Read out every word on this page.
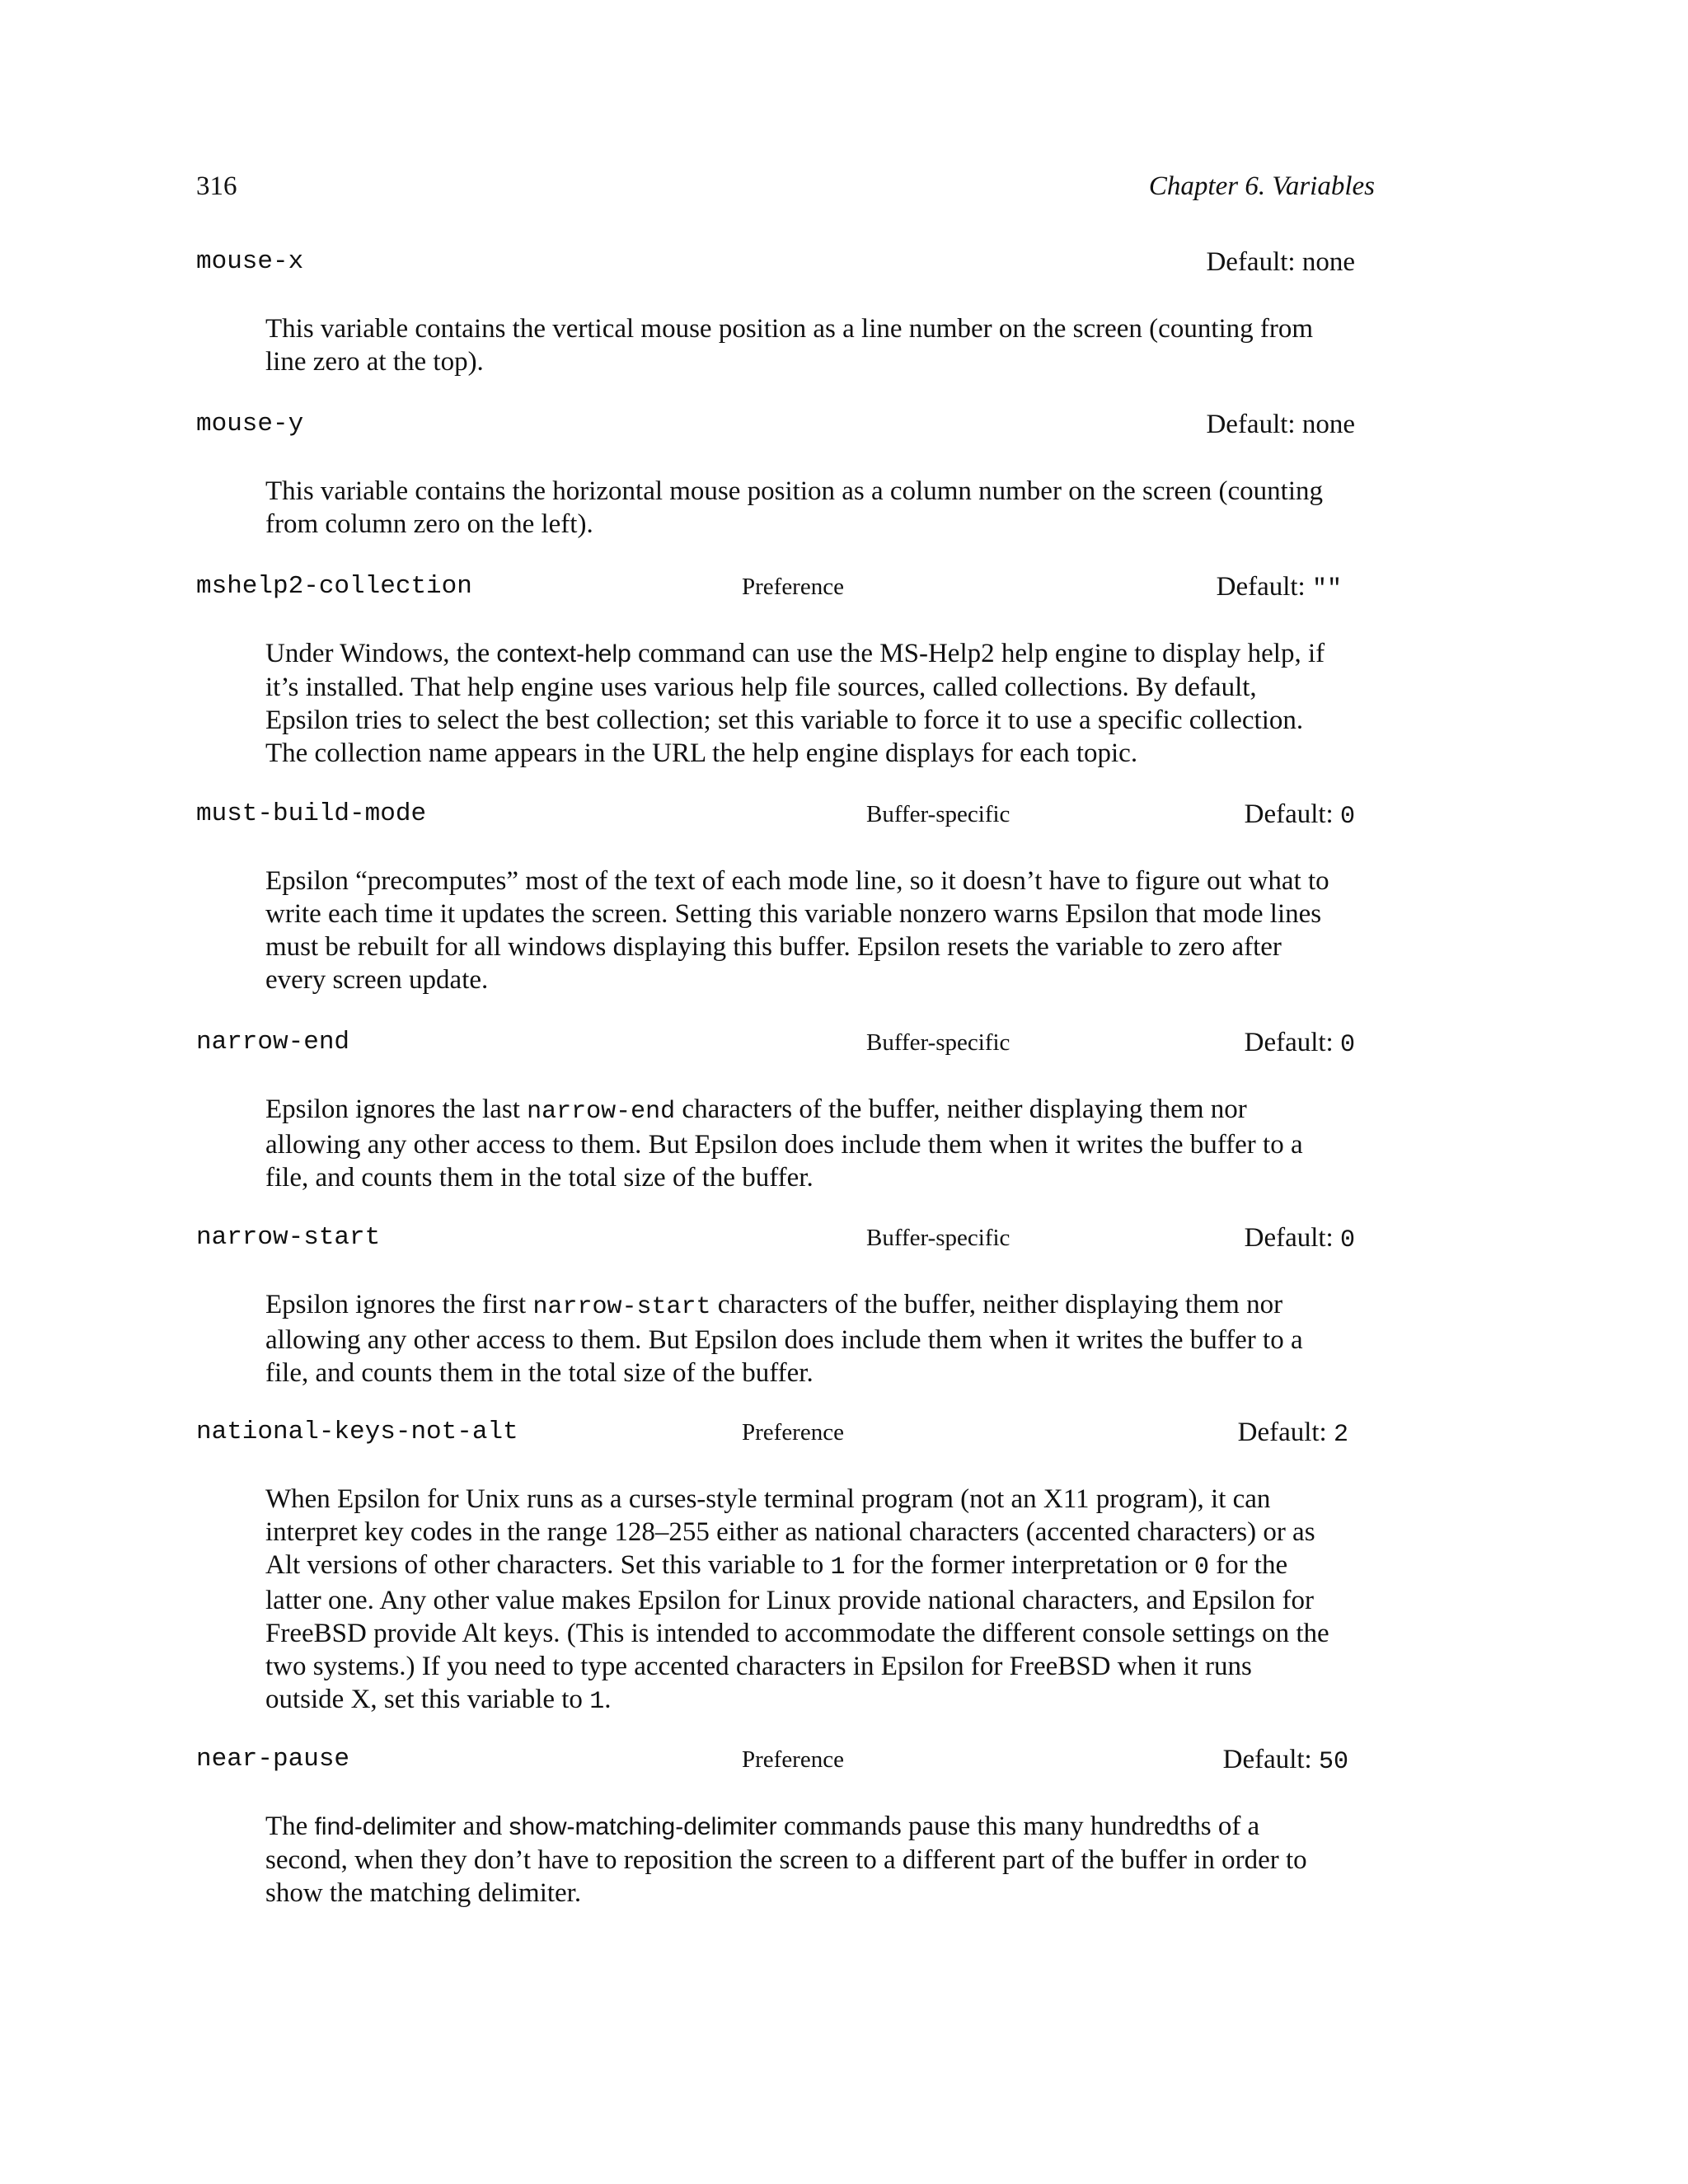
316	Chapter 6. Variables
mouse-x	Default: none
This variable contains the vertical mouse position as a line number on the screen (counting from line zero at the top).
mouse-y	Default: none
This variable contains the horizontal mouse position as a column number on the screen (counting from column zero on the left).
mshelp2-collection	Preference	Default: ""
Under Windows, the context-help command can use the MS-Help2 help engine to display help, if it’s installed. That help engine uses various help file sources, called collections. By default, Epsilon tries to select the best collection; set this variable to force it to use a specific collection. The collection name appears in the URL the help engine displays for each topic.
must-build-mode	Buffer-specific	Default: 0
Epsilon “precomputes” most of the text of each mode line, so it doesn’t have to figure out what to write each time it updates the screen. Setting this variable nonzero warns Epsilon that mode lines must be rebuilt for all windows displaying this buffer. Epsilon resets the variable to zero after every screen update.
narrow-end	Buffer-specific	Default: 0
Epsilon ignores the last narrow-end characters of the buffer, neither displaying them nor allowing any other access to them. But Epsilon does include them when it writes the buffer to a file, and counts them in the total size of the buffer.
narrow-start	Buffer-specific	Default: 0
Epsilon ignores the first narrow-start characters of the buffer, neither displaying them nor allowing any other access to them. But Epsilon does include them when it writes the buffer to a file, and counts them in the total size of the buffer.
national-keys-not-alt	Preference	Default: 2
When Epsilon for Unix runs as a curses-style terminal program (not an X11 program), it can interpret key codes in the range 128–255 either as national characters (accented characters) or as Alt versions of other characters. Set this variable to 1 for the former interpretation or 0 for the latter one. Any other value makes Epsilon for Linux provide national characters, and Epsilon for FreeBSD provide Alt keys. (This is intended to accommodate the different console settings on the two systems.) If you need to type accented characters in Epsilon for FreeBSD when it runs outside X, set this variable to 1.
near-pause	Preference	Default: 50
The find-delimiter and show-matching-delimiter commands pause this many hundredths of a second, when they don’t have to reposition the screen to a different part of the buffer in order to show the matching delimiter.
